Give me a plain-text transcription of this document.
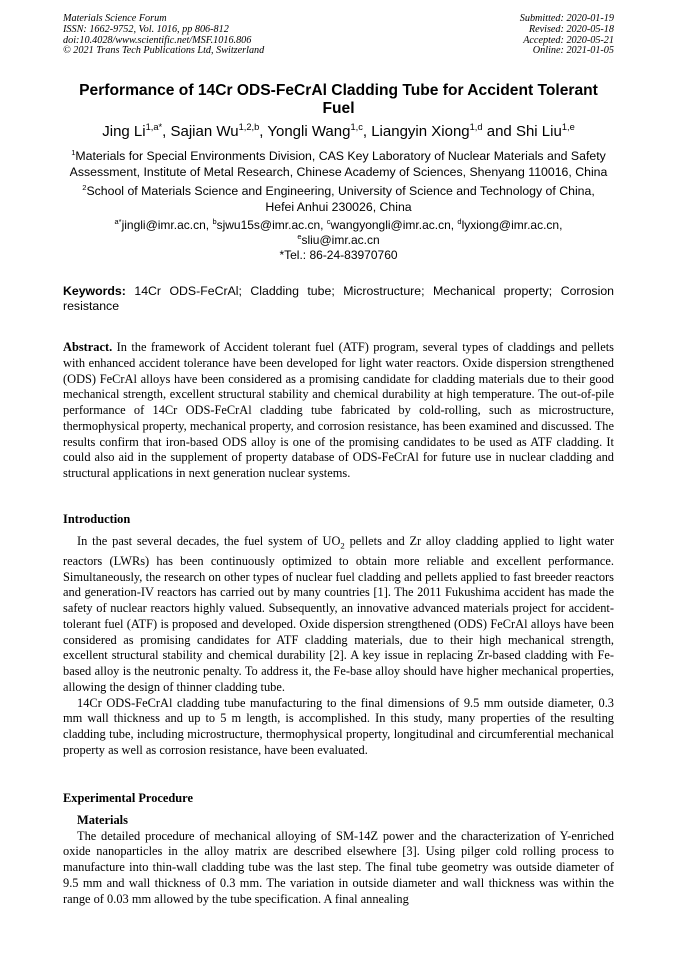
Materials Science Forum
ISSN: 1662-9752, Vol. 1016, pp 806-812
doi:10.4028/www.scientific.net/MSF.1016.806
© 2021 Trans Tech Publications Ltd, Switzerland
Submitted: 2020-01-19
Revised: 2020-05-18
Accepted: 2020-05-21
Online: 2021-01-05
Performance of 14Cr ODS-FeCrAl Cladding Tube for Accident Tolerant Fuel
Jing $Li^{1,a*}$, Sajian Wu$^{1,2,b}$, Yongli Wang$^{1,c}$, Liangyin Xiong$^{1,d}$ and Shi Liu$^{1,e}$
$^1$Materials for Special Environments Division, CAS Key Laboratory of Nuclear Materials and Safety Assessment, Institute of Metal Research, Chinese Academy of Sciences, Shenyang 110016, China
$^2$School of Materials Science and Engineering, University of Science and Technology of China, Hefei Anhui 230026, China
$^{a*}$jingli@imr.ac.cn, $^b$sjwu15s@imr.ac.cn, $^c$wangyongli@imr.ac.cn, $^d$lyxiong@imr.ac.cn,
$^e$sliu@imr.ac.cn
*Tel.: 86-24-83970760
Keywords: 14Cr ODS-FeCrAl; Cladding tube; Microstructure; Mechanical property; Corrosion resistance

Abstract. In the framework of Accident tolerant fuel (ATF) program, several types of claddings and pellets with enhanced accident tolerance have been developed for light water reactors. Oxide dispersion strengthened (ODS) FeCrAl alloys have been considered as a promising candidate for cladding materials due to their good mechanical strength, excellent structural stability and chemical durability at high temperature. The out-of-pile performance of 14Cr ODS-FeCrAl cladding tube fabricated by cold-rolling, such as microstructure, thermophysical property, mechanical property, and corrosion resistance, has been examined and discussed. The results confirm that iron-based ODS alloy is one of the promising candidates to be used as ATF cladding. It could also aid in the supplement of property database of ODS-FeCrAl for future use in nuclear cladding and structural applications in next generation nuclear systems.

Introduction

In the past several decades, the fuel system of $UO_2$ pellets and Zr alloy cladding applied to light water reactors (LWRs) has been continuously optimized to obtain more reliable and excellent performance. Simultaneously, the research on other types of nuclear fuel cladding and pellets applied to fast breeder reactors and generation-IV reactors has carried out by many countries [1]. The 2011 Fukushima accident has made the safety of nuclear reactors highly valued. Subsequently, an innovative advanced materials project for accident-tolerant fuel (ATF) is proposed and developed. Oxide dispersion strengthened (ODS) FeCrAl alloys have been considered as promising candidates for ATF cladding materials, due to their high mechanical strength, excellent structural stability and chemical durability [2]. A key issue in replacing Zr-based cladding with Fe-based alloy is the neutronic penalty. To address it, the Fe-base alloy should have higher mechanical properties, allowing the design of thinner cladding tube.

14Cr ODS-FeCrAl cladding tube manufacturing to the final dimensions of 9.5 mm outside diameter, 0.3 mm wall thickness and up to 5 m length, is accomplished. In this study, many properties of the resulting cladding tube, including microstructure, thermophysical property, longitudinal and circumferential mechanical property as well as corrosion resistance, have been evaluated.

Experimental Procedure
Materials

The detailed procedure of mechanical alloying of SM-14Z power and the characterization of Y-enriched oxide nanoparticles in the alloy matrix are described elsewhere [3]. Using pilger cold rolling process to manufacture into thin-wall cladding tube was the last step. The final tube geometry was outside diameter of 9.5 mm and wall thickness of 0.3 mm. The variation in outside diameter and wall thickness was within the range of 0.03 mm allowed by the tube specification. A final annealing
